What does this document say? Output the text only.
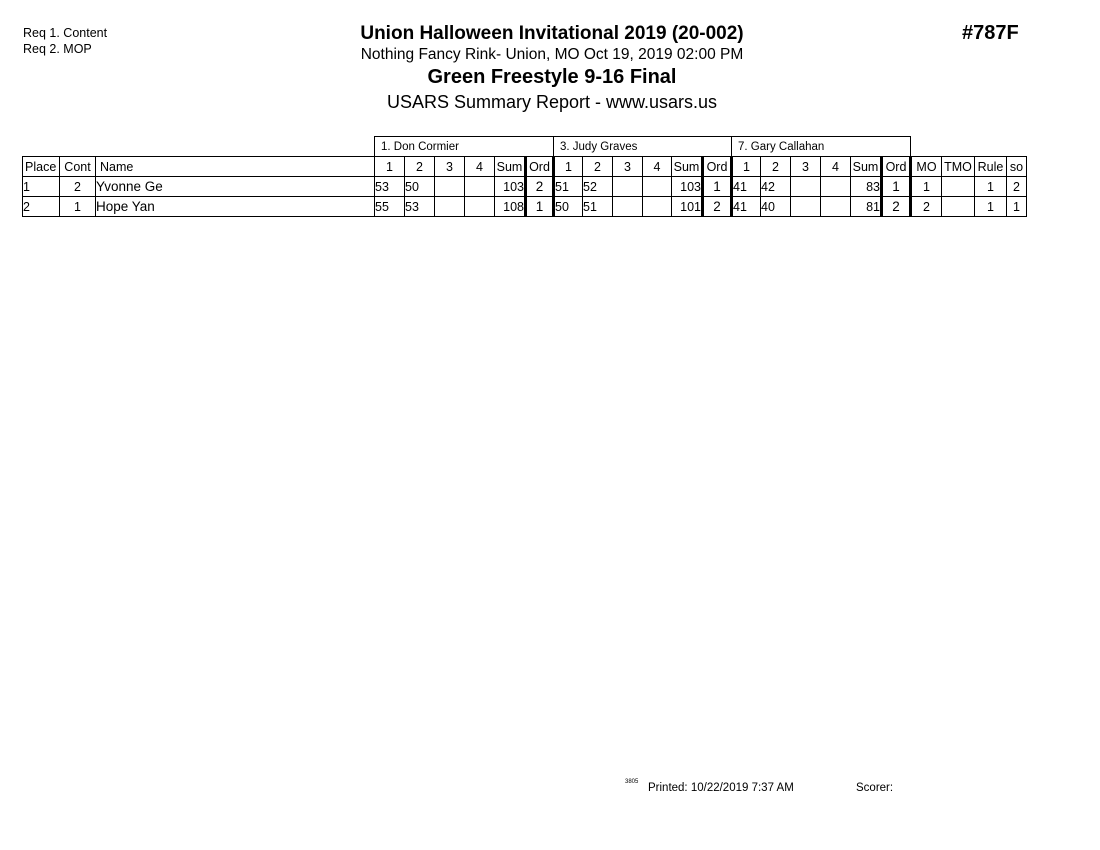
Req 1. Content
Req 2. MOP
#787F
Union Halloween Invitational 2019 (20-002)
Nothing Fancy Rink- Union, MO Oct 19, 2019 02:00 PM
Green Freestyle 9-16 Final
USARS Summary Report - www.usars.us
			1. Don Cormier						3. Judy Graves						7. Gary Callahan									
Place	Cont	Name	1	2	3	4	Sum	Ord	1	2	3	4	Sum	Ord	1	2	3	4	Sum	Ord	MO	TMO	Rule	so
1	2	Yvonne Ge	53	50			103	2	51	52			103	1	41	42			83	1	1		1	2
2	1	Hope Yan	55	53			108	1	50	51			101	2	41	40			81	2	2		1	1
3805 Printed: 10/22/2019 7:37 AM	Scorer:
